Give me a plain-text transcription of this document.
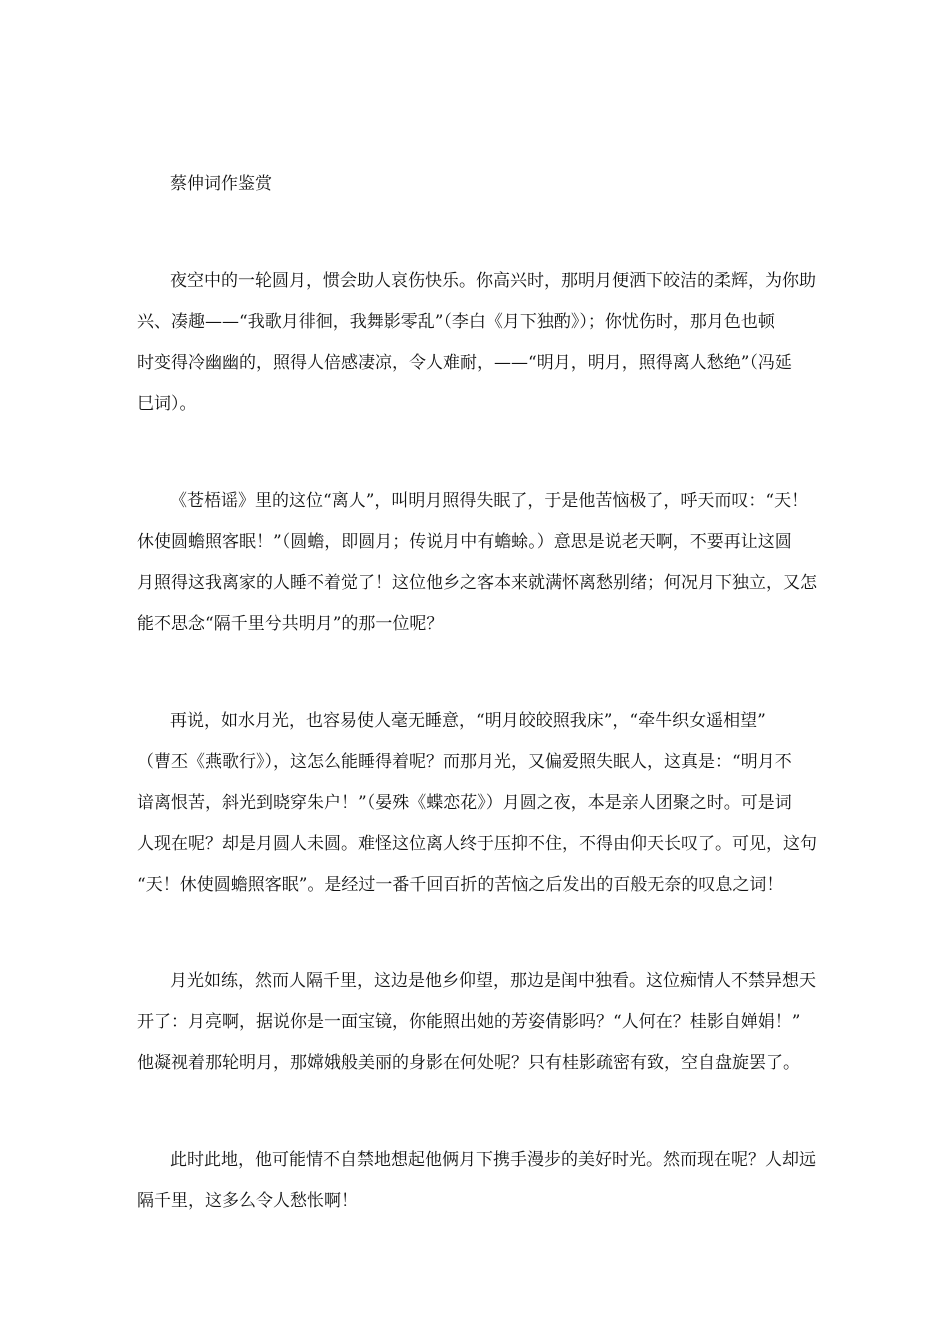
蔡伸词作鉴赏
夜空中的一轮圆月，惯会助人哀伤快乐。你高兴时，那明月便洒下皎洁的柔辉，为你助
兴、凑趣——“我歌月徘徊，我舞影零乱”（李白《月下独酌》）；你忧伤时，那月色也顿
时变得冷幽幽的，照得人倍感凄凉，令人难耐，——“明月，明月，照得离人愁绝”（冯延
巳词）。
《苍梧谣》里的这位“离人”，叫明月照得失眠了，于是他苦恼极了，呼天而叹：“天！
休使圆蟾照客眠！”（圆蟾，即圆月；传说月中有蟾蜍。）意思是说老天啊，不要再让这圆
月照得这我离家的人睡不着觉了！这位他乡之客本来就满怀离愁别绪；何况月下独立，又怎
能不思念“隔千里兮共明月”的那一位呢？
再说，如水月光，也容易使人毫无睡意，“明月皎皎照我床”，“牵牛织女遥相望”
（曹丕《燕歌行》），这怎么能睡得着呢？而那月光，又偏爱照失眠人，这真是：“明月不
谙离恨苦，斜光到晓穿朱户！”（晏殊《蝶恋花》）月圆之夜，本是亲人团聚之时。可是词
人现在呢？却是月圆人未圆。难怪这位离人终于压抑不住，不得由仰天长叹了。可见，这句
“天！休使圆蟾照客眠”。是经过一番千回百折的苦恼之后发出的百般无奈的叹息之词！
月光如练，然而人隔千里，这边是他乡仰望，那边是闺中独看。这位痴情人不禁异想天
开了：月亮啊，据说你是一面宝镜，你能照出她的芳姿倩影吗？“人何在？桂影自婵娟！”
他凝视着那轮明月，那嫦娥般美丽的身影在何处呢？只有桂影疏密有致，空自盘旋罢了。
此时此地，他可能情不自禁地想起他俩月下携手漫步的美好时光。然而现在呢？人却远
隔千里，这多么令人愁怅啊！
